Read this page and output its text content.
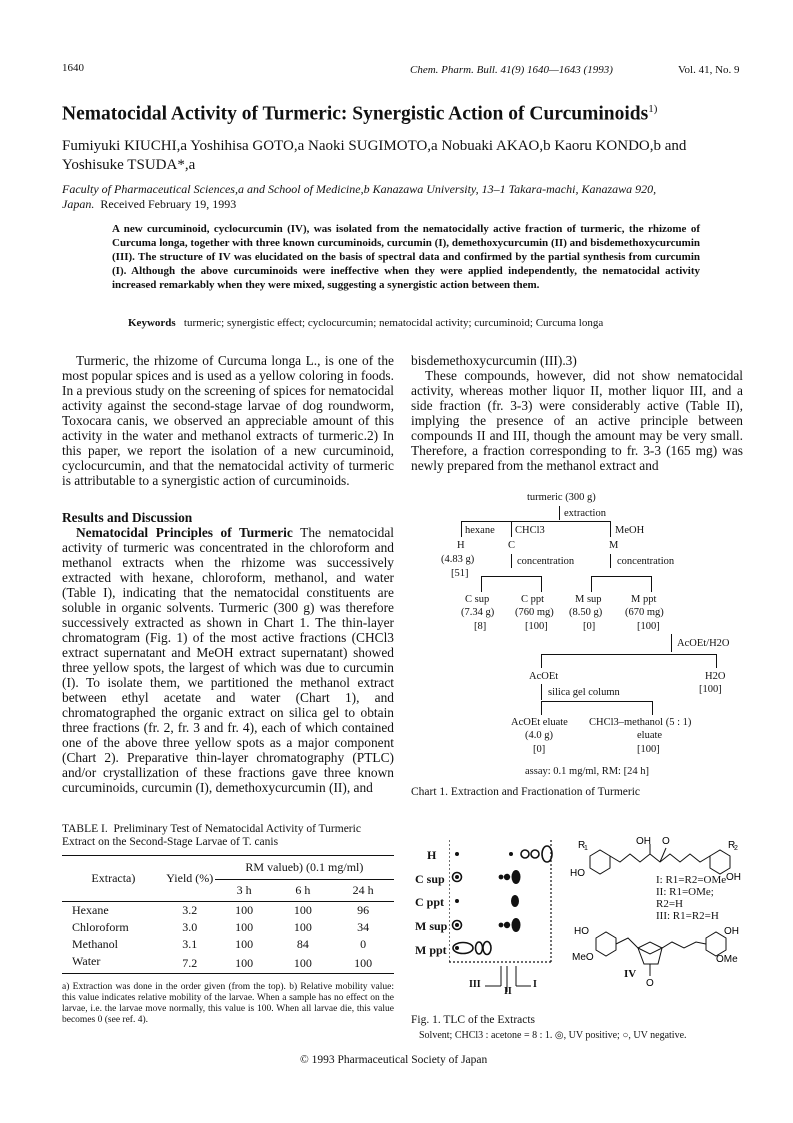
1640	Chem. Pharm. Bull. 41(9) 1640—1643 (1993)	Vol. 41, No. 9
Nematocidal Activity of Turmeric: Synergistic Action of Curcuminoids$^{1)}$
Fumiyuki KIUCHI,a Yoshihisa GOTO,a Naoki SUGIMOTO,a Nobuaki AKAO,b Kaoru KONDO,b and Yoshisuke TSUDA*,a
Faculty of Pharmaceutical Sciences,a and School of Medicine,b Kanazawa University, 13–1 Takara-machi, Kanazawa 920, Japan. Received February 19, 1993
A new curcuminoid, cyclocurcumin (IV), was isolated from the nematocidally active fraction of turmeric, the rhizome of Curcuma longa, together with three known curcuminoids, curcumin (I), demethoxycurcumin (II) and bisdemethoxycurcumin (III). The structure of IV was elucidated on the basis of spectral data and confirmed by the partial synthesis from curcumin (I). Although the above curcuminoids were ineffective when they were applied independently, the nematocidal activity increased remarkably when they were mixed, suggesting a synergistic action between them.
Keywords turmeric; synergistic effect; cyclocurcumin; nematocidal activity; curcuminoid; Curcuma longa

Turmeric, the rhizome of Curcuma longa L., is one of the most popular spices and is used as a yellow coloring in foods. In a previous study on the screening of spices for nematocidal activity against the second-stage larvae of dog roundworm, Toxocara canis, we observed an appreciable amount of this activity in the water and methanol extracts of turmeric.2) In this paper, we report the isolation of a new curcuminoid, cyclocurcumin, and that the nematocidal activity of turmeric is attributable to a synergistic action of curcuminoids.

Results and Discussion

Nematocidal Principles of Turmeric The nematocidal activity of turmeric was concentrated in the chloroform and methanol extracts when the rhizome was successively extracted with hexane, chloroform, methanol, and water (Table I), indicating that the nematocidal constituents are soluble in organic solvents. Turmeric (300 g) was therefore successively extracted as shown in Chart 1. The thin-layer chromatogram (Fig. 1) of the most active fractions (CHCl3 extract supernatant and MeOH extract supernatant) showed three yellow spots, the largest of which was due to curcumin (I). To isolate them, we partitioned the methanol extract between ethyl acetate and water (Chart 1), and chromatographed the organic extract on silica gel to obtain three fractions (fr. 2, fr. 3 and fr. 4), each of which contained one of the above three yellow spots as a major component (Chart 2). Preparative thin-layer chromatography (PTLC) and/or crystallization of these fractions gave three known curcuminoids, curcumin (I), demethoxycurcumin (II), and

bisdemethoxycurcumin (III).3)

These compounds, however, did not show nematocidal activity, whereas mother liquor II, mother liquor III, and a side fraction (fr. 3-3) were considerably active (Table II), implying the presence of an active principle between compounds II and III, though the amount may be very small. Therefore, a fraction corresponding to fr. 3-3 (165 mg) was newly prepared from the methanol extract and

turmeric (300 g)
extraction
hexane CHCl3	MeOH
H	C	M
(4.83 g)
[51]
concentration	concentration
C sup	C ppt	M sup	M ppt
(7.34 g) (760 mg) (8.50 g) (670 mg)
[8]	[100]	[0]	[100]
AcOEt/H2O
AcOEt	H2O
[100]
silica gel column
AcOEt eluate CHCl3–methanol (5 : 1)
(4.0 g)	eluate
[0]	[100]
assay: 0.1 mg/ml, RM: [24 h]
Chart 1. Extraction and Fractionation of Turmeric
TABLE I. Preliminary Test of Nematocidal Activity of Turmeric Extract on the Second-Stage Larvae of T. canis
Extracta)	Yield (%)	RM valueb) (0.1 mg/ml)		
		3 h	6 h	24 h
Hexane	3.2	100	100	96
Chloroform	3.0	100	100	34
Methanol	3.1	100	84	0
Water	7.2	100	100	100
a) Extraction was done in the order given (from the top). b) Relative mobility value: this value indicates relative mobility of the larvae. When a sample has no effect on the larvae, i.e. the larvae move normally, this value is 100. When all larvae die, this value becomes 0 (see ref. 4).
H
C sup
C ppt
M sup
M ppt
III
II
I
OH O
R
1	R
2
HO	OH
HO	OH
MeO	OMe
O
I: R1=R2=OMe
II: R1=OMe; R2=H
III: R1=R2=H
IV
Fig. 1. TLC of the Extracts
Solvent; CHCl3 : acetone = 8 : 1. ◎, UV positive; ○, UV negative.
© 1993 Pharmaceutical Society of Japan
